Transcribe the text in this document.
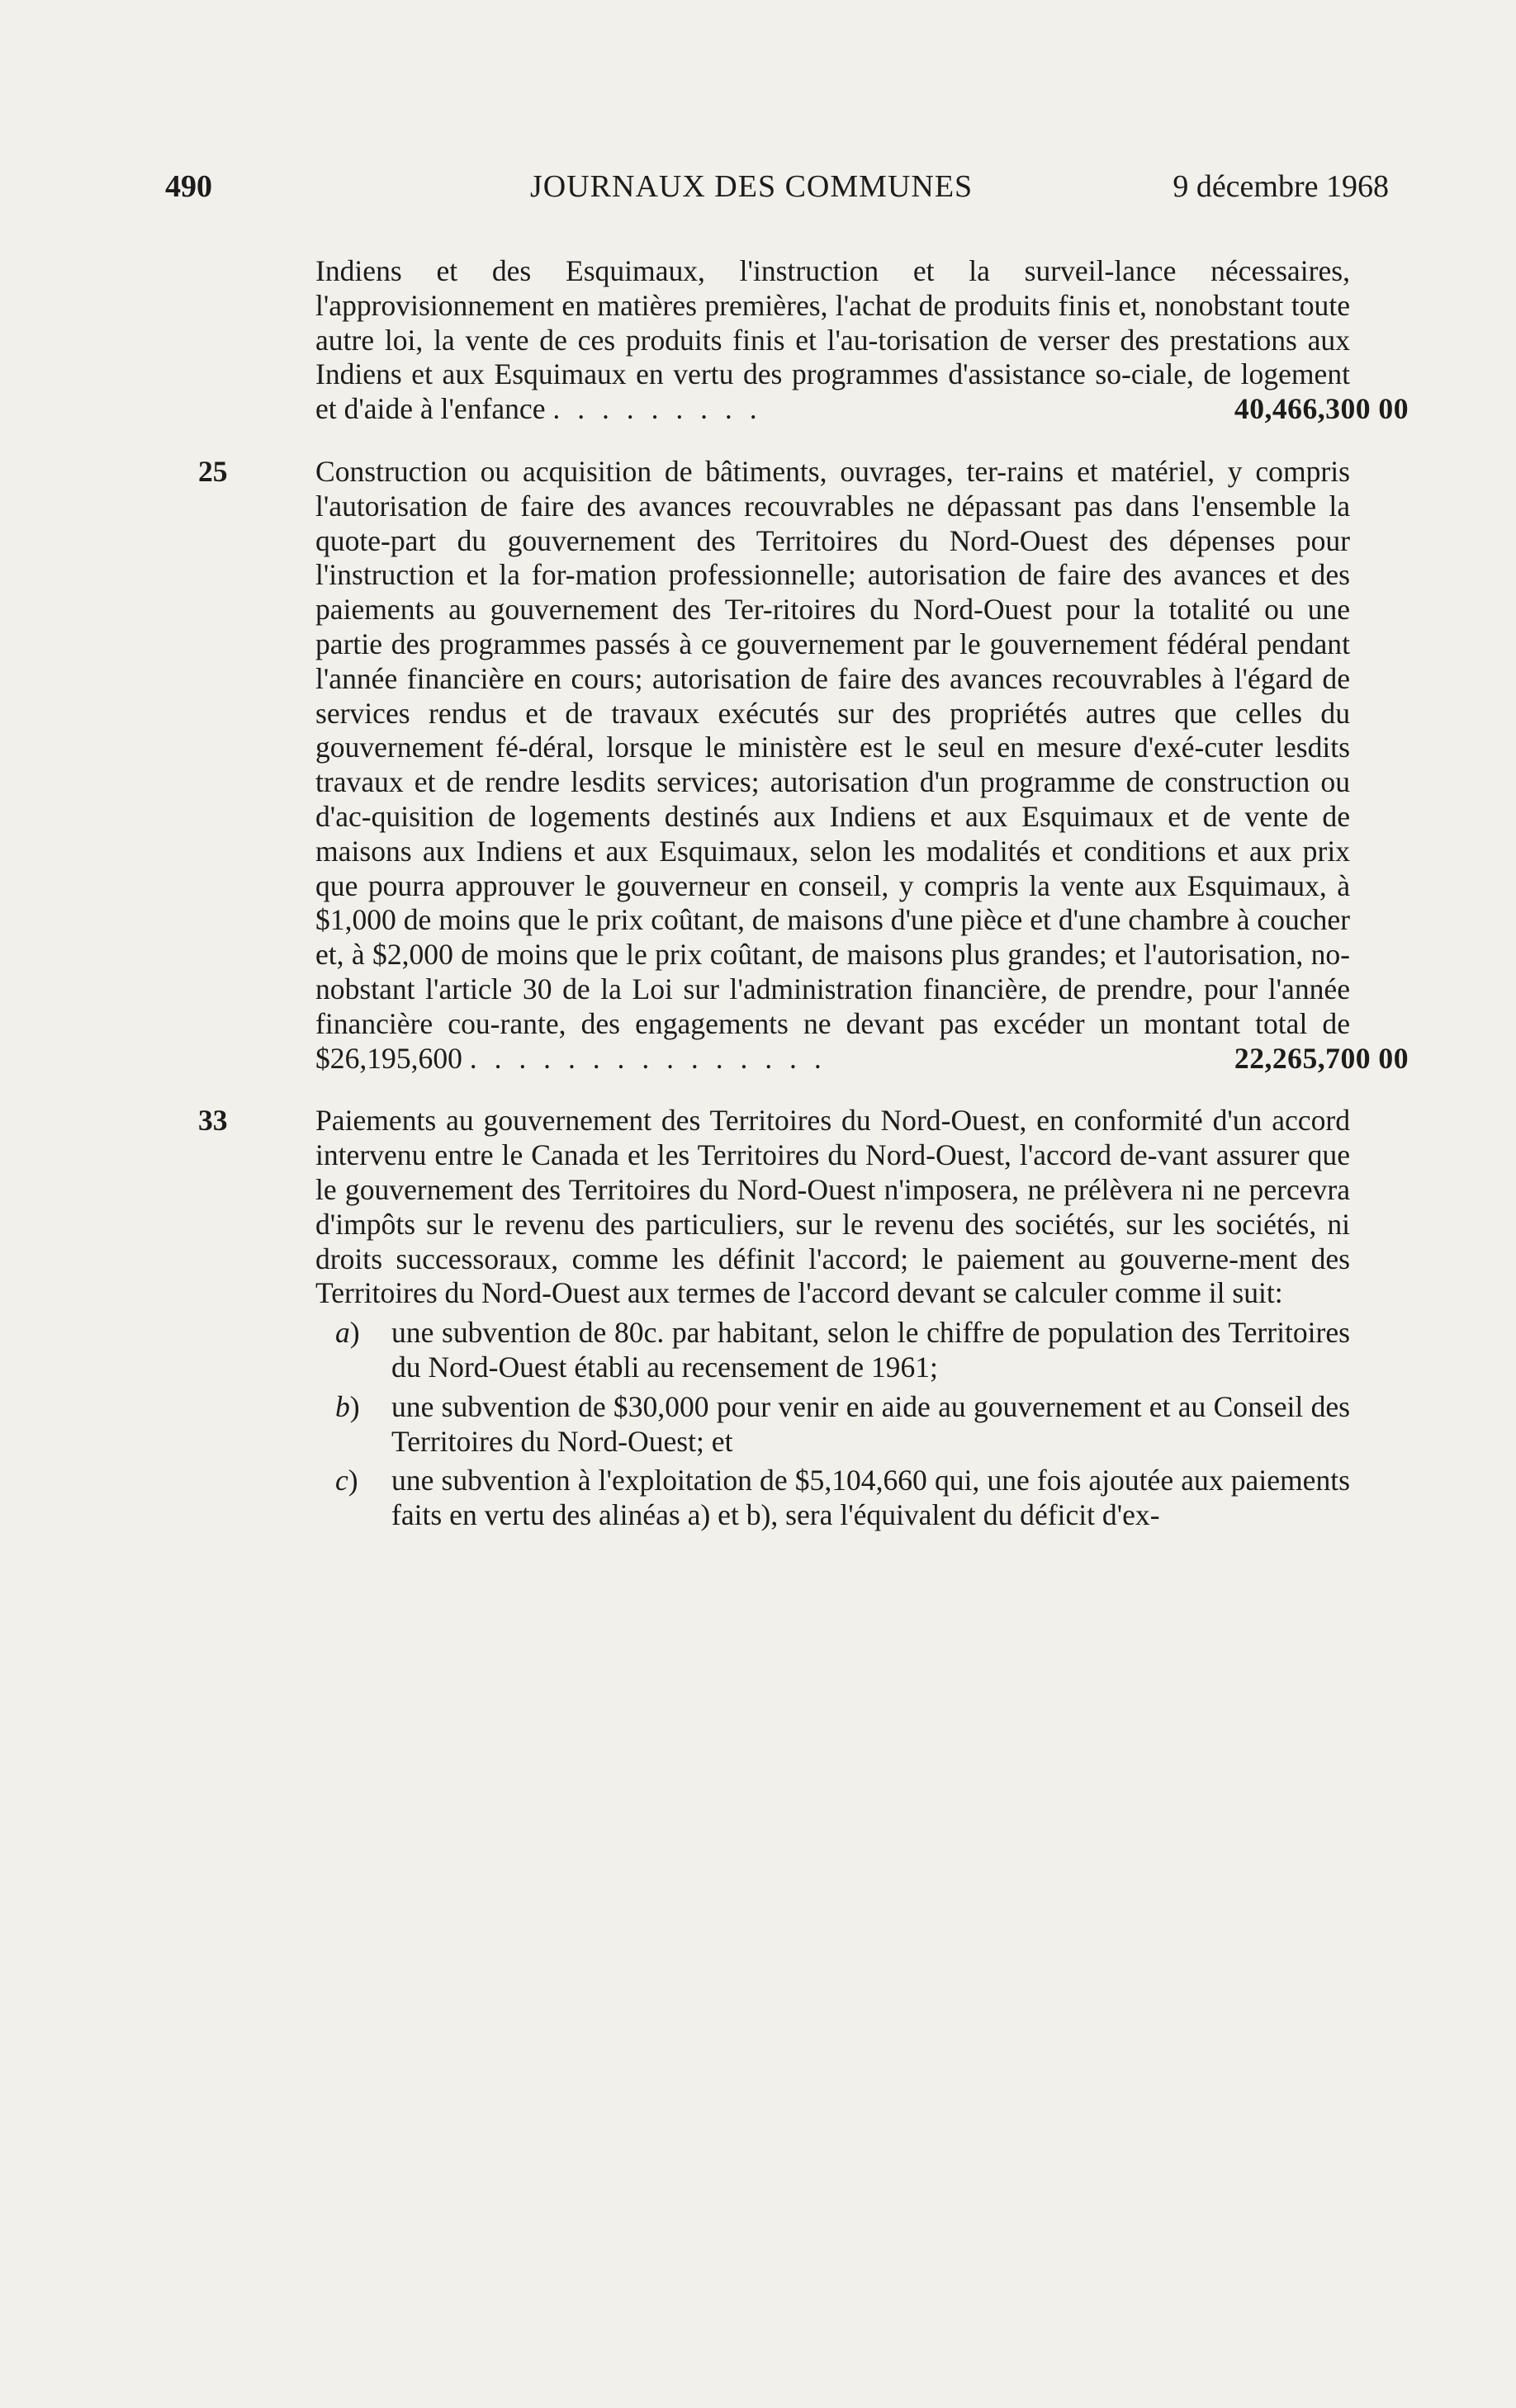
490	JOURNAUX DES COMMUNES	9 décembre 1968
Indiens et des Esquimaux, l'instruction et la surveil-lance nécessaires, l'approvisionnement en matières premières, l'achat de produits finis et, nonobstant toute autre loi, la vente de ces produits finis et l'au-torisation de verser des prestations aux Indiens et aux Esquimaux en vertu des programmes d'assistance so-ciale, de logement et d'aide à l'enfance . . . . . . . . .	40,466,300 00
25	Construction ou acquisition de bâtiments, ouvrages, ter-rains et matériel, y compris l'autorisation de faire des avances recouvrables ne dépassant pas dans l'ensemble la quote-part du gouvernement des Territoires du Nord-Ouest des dépenses pour l'instruction et la for-mation professionnelle; autorisation de faire des avances et des paiements au gouvernement des Ter-ritoires du Nord-Ouest pour la totalité ou une partie des programmes passés à ce gouvernement par le gouvernement fédéral pendant l'année financière en cours; autorisation de faire des avances recouvrables à l'égard de services rendus et de travaux exécutés sur des propriétés autres que celles du gouvernement fé-déral, lorsque le ministère est le seul en mesure d'exé-cuter lesdits travaux et de rendre lesdits services; autorisation d'un programme de construction ou d'ac-quisition de logements destinés aux Indiens et aux Esquimaux et de vente de maisons aux Indiens et aux Esquimaux, selon les modalités et conditions et aux prix que pourra approuver le gouverneur en conseil, y compris la vente aux Esquimaux, à $1,000 de moins que le prix coûtant, de maisons d'une pièce et d'une chambre à coucher et, à $2,000 de moins que le prix coûtant, de maisons plus grandes; et l'autorisation, no-nobstant l'article 30 de la Loi sur l'administration financière, de prendre, pour l'année financière cou-rante, des engagements ne devant pas excéder un montant total de $26,195,600 . . . . . . . . . . . . . . .	22,265,700 00
33	Paiements au gouvernement des Territoires du Nord-Ouest, en conformité d'un accord intervenu entre le Canada et les Territoires du Nord-Ouest, l'accord de-vant assurer que le gouvernement des Territoires du Nord-Ouest n'imposera, ne prélèvera ni ne percevra d'impôts sur le revenu des particuliers, sur le revenu des sociétés, sur les sociétés, ni droits successoraux, comme les définit l'accord; le paiement au gouverne-ment des Territoires du Nord-Ouest aux termes de l'accord devant se calculer comme il suit:
a) une subvention de 80c. par habitant, selon le chiffre de population des Territoires du Nord-Ouest établi au recensement de 1961;
b) une subvention de $30,000 pour venir en aide au gouvernement et au Conseil des Territoires du Nord-Ouest; et
c) une subvention à l'exploitation de $5,104,660 qui, une fois ajoutée aux paiements faits en vertu des alinéas a) et b), sera l'équivalent du déficit d'ex-
